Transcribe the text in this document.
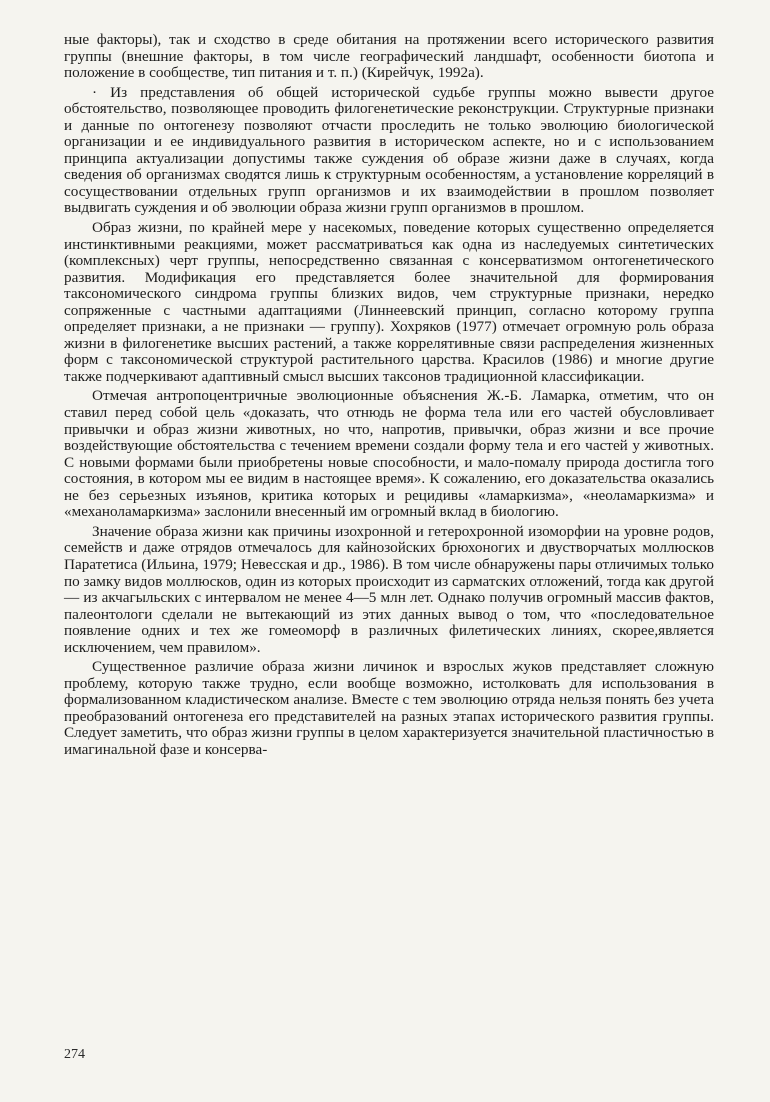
ные факторы), так и сходство в среде обитания на протяжении всего исторического развития группы (внешние факторы, в том числе географический ландшафт, особенности биотопа и положение в сообществе, тип питания и т. п.) (Кирейчук, 1992а).

· Из представления об общей исторической судьбе группы можно вывести другое обстоятельство, позволяющее проводить филогенетические реконструкции. Структурные признаки и данные по онтогенезу позволяют отчасти проследить не только эволюцию биологической организации и ее индивидуального развития в историческом аспекте, но и с использованием принципа актуализации допустимы также суждения об образе жизни даже в случаях, когда сведения об организмах сводятся лишь к структурным особенностям, а установление корреляций в сосуществовании отдельных групп организмов и их взаимодействии в прошлом позволяет выдвигать суждения и об эволюции образа жизни групп организмов в прошлом.

Образ жизни, по крайней мере у насекомых, поведение которых существенно определяется инстинктивными реакциями, может рассматриваться как одна из наследуемых синтетических (комплексных) черт группы, непосредственно связанная с консерватизмом онтогенетического развития. Модификация его представляется более значительной для формирования таксономического синдрома группы близких видов, чем структурные признаки, нередко сопряженные с частными адаптациями (Линнеевский принцип, согласно которому группа определяет признаки, а не признаки — группу). Хохряков (1977) отмечает огромную роль образа жизни в филогенетике высших растений, а также коррелятивные связи распределения жизненных форм с таксономической структурой растительного царства. Красилов (1986) и многие другие также подчеркивают адаптивный смысл высших таксонов традиционной классификации.

Отмечая антропоцентричные эволюционные объяснения Ж.-Б. Ламарка, отметим, что он ставил перед собой цель «доказать, что отнюдь не форма тела или его частей обусловливает привычки и образ жизни животных, но что, напротив, привычки, образ жизни и все прочие воздействующие обстоятельства с течением времени создали форму тела и его частей у животных. С новыми формами были приобретены новые способности, и мало-помалу природа достигла того состояния, в котором мы ее видим в настоящее время». К сожалению, его доказательства оказались не без серьезных изъянов, критика которых и рецидивы «ламаркизма», «неоламаркизма» и «механоламаркизма» заслонили внесенный им огромный вклад в биологию.

Значение образа жизни как причины изохронной и гетерохронной изоморфии на уровне родов, семейств и даже отрядов отмечалось для кайнозойских брюхоногих и двустворчатых моллюсков Паратетиса (Ильина, 1979; Невесская и др., 1986). В том числе обнаружены пары отличимых только по замку видов моллюсков, один из которых происходит из сарматских отложений, тогда как другой — из акчагыльских с интервалом не менее 4—5 млн лет. Однако получив огромный массив фактов, палеонтологи сделали не вытекающий из этих данных вывод о том, что «последовательное появление одних и тех же гомеоморф в различных филетических линиях, скорее,является исключением, чем правилом».

Существенное различие образа жизни личинок и взрослых жуков представляет сложную проблему, которую также трудно, если вообще возможно, истолковать для использования в формализованном кладистическом анализе. Вместе с тем эволюцию отряда нельзя понять без учета преобразований онтогенеза его представителей на разных этапах исторического развития группы. Следует заметить, что образ жизни группы в целом характеризуется значительной пластичностью в имагинальной фазе и консерва-

274
